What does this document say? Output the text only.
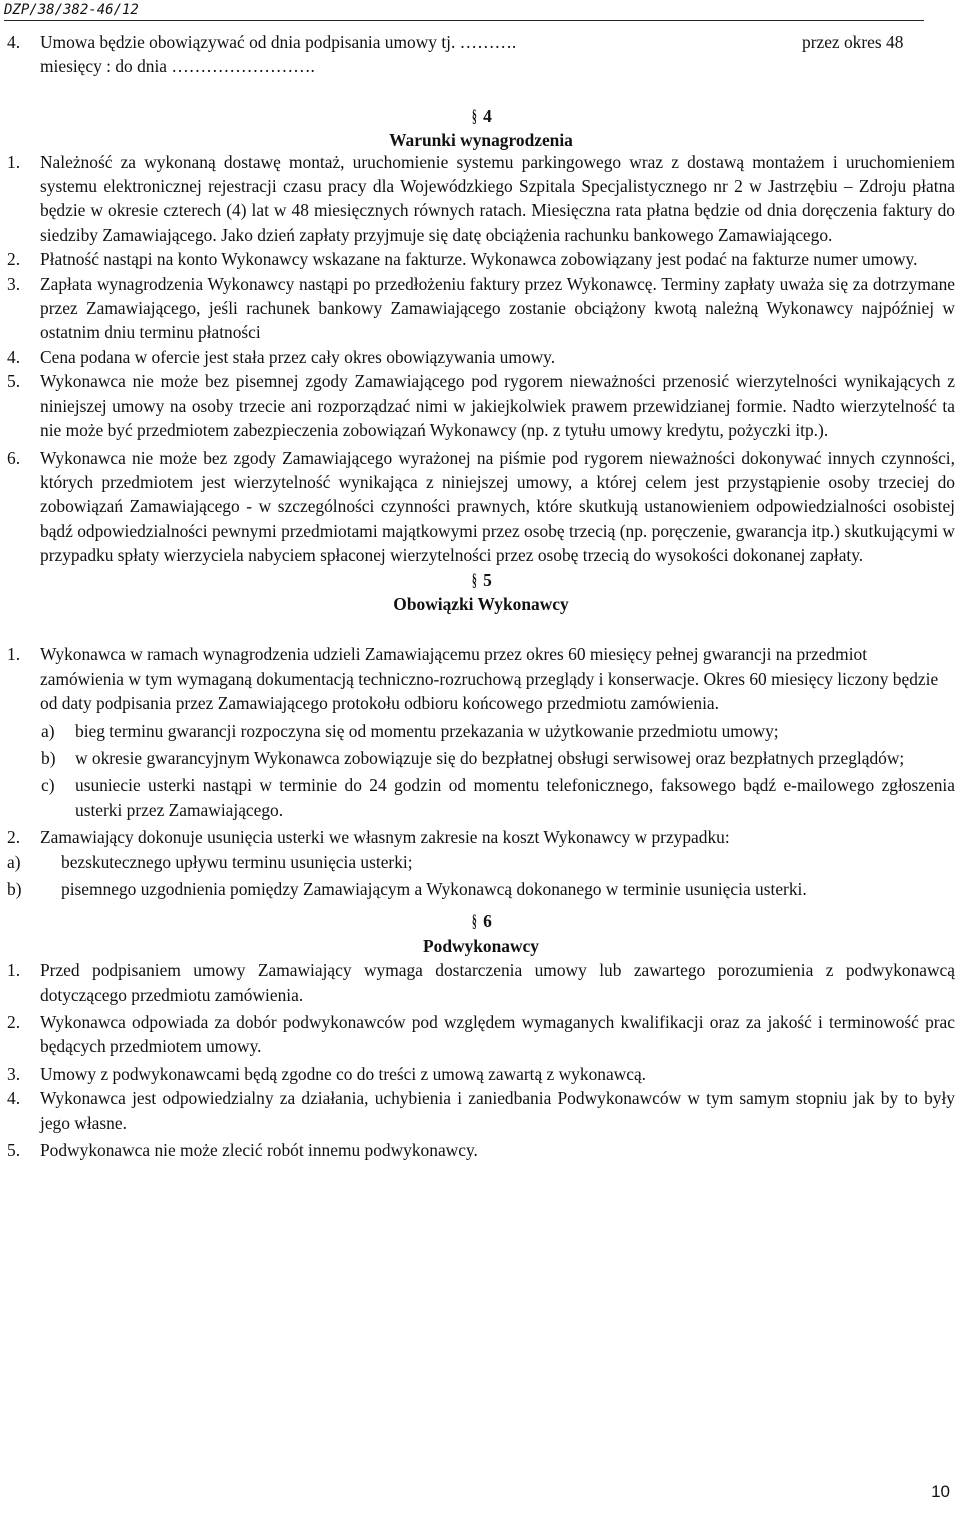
DZP/38/382-46/12
4. Umowa będzie obowiązywać od dnia podpisania umowy tj. ……….	przez okres 48

miesięcy : do dnia …………………….

§ 4

Warunki wynagrodzenia

1. Należność za wykonaną dostawę montaż, uruchomienie systemu parkingowego wraz z dostawą montażem i uruchomieniem systemu elektronicznej rejestracji czasu pracy dla Wojewódzkiego Szpitala Specjalistycznego nr 2 w Jastrzębiu – Zdroju płatna będzie w okresie czterech (4) lat w 48 miesięcznych równych ratach. Miesięczna rata płatna będzie od dnia doręczenia faktury do siedziby Zamawiającego. Jako dzień zapłaty przyjmuje się datę obciążenia rachunku bankowego Zamawiającego.
2. Płatność nastąpi na konto Wykonawcy wskazane na fakturze. Wykonawca zobowiązany jest podać na fakturze numer umowy.
3. Zapłata wynagrodzenia Wykonawcy nastąpi po przedłożeniu faktury przez Wykonawcę. Terminy zapłaty uważa się za dotrzymane przez Zamawiającego, jeśli rachunek bankowy Zamawiającego zostanie obciążony kwotą należną Wykonawcy najpóźniej w ostatnim dniu terminu płatności
4. Cena podana w ofercie jest stała przez cały okres obowiązywania umowy.
5. Wykonawca nie może bez pisemnej zgody Zamawiającego pod rygorem nieważności przenosić wierzytelności wynikających z niniejszej umowy na osoby trzecie ani rozporządzać nimi w jakiejkolwiek prawem przewidzianej formie. Nadto wierzytelność ta nie może być przedmiotem zabezpieczenia zobowiązań Wykonawcy (np. z tytułu umowy kredytu, pożyczki itp.).
6. Wykonawca nie może bez zgody Zamawiającego wyrażonej na piśmie pod rygorem nieważności dokonywać innych czynności, których przedmiotem jest wierzytelność wynikająca z niniejszej umowy, a której celem jest przystąpienie osoby trzeciej do zobowiązań Zamawiającego - w szczególności czynności prawnych, które skutkują ustanowieniem odpowiedzialności osobistej bądź odpowiedzialności pewnymi przedmiotami majątkowymi przez osobę trzecią (np. poręczenie, gwarancja itp.) skutkującymi w przypadku spłaty wierzyciela nabyciem spłaconej wierzytelności przez osobę trzecią do wysokości dokonanej zapłaty.

§ 5

Obowiązki Wykonawcy

1. Wykonawca w ramach wynagrodzenia udzieli Zamawiającemu przez okres 60 miesięcy pełnej gwarancji na przedmiot zamówienia w tym wymaganą dokumentacją techniczno-rozruchową przeglądy i konserwacje. Okres 60 miesięcy liczony będzie od daty podpisania przez Zamawiającego protokołu odbioru końcowego przedmiotu zamówienia.
a) bieg terminu gwarancji rozpoczyna się od momentu przekazania w użytkowanie przedmiotu umowy;
b) w okresie gwarancyjnym Wykonawca zobowiązuje się do bezpłatnej obsługi serwisowej oraz bezpłatnych przeglądów;
c) usuniecie usterki nastąpi w terminie do 24 godzin od momentu telefonicznego, faksowego bądź e-mailowego zgłoszenia usterki przez Zamawiającego.
2. Zamawiający dokonuje usunięcia usterki we własnym zakresie na koszt Wykonawcy w przypadku:
a) bezskutecznego upływu terminu usunięcia usterki;
b) pisemnego uzgodnienia pomiędzy Zamawiającym a Wykonawcą dokonanego w terminie usunięcia usterki.

§ 6

Podwykonawcy

1. Przed podpisaniem umowy Zamawiający wymaga dostarczenia umowy lub zawartego porozumienia z podwykonawcą dotyczącego przedmiotu zamówienia.
2. Wykonawca odpowiada za dobór podwykonawców pod względem wymaganych kwalifikacji oraz za jakość i terminowość prac będących przedmiotem umowy.
3. Umowy z podwykonawcami będą zgodne co do treści z umową zawartą z wykonawcą.
4. Wykonawca jest odpowiedzialny za działania, uchybienia i zaniedbania Podwykonawców w tym samym stopniu jak by to były jego własne.
5. Podwykonawca nie może zlecić robót innemu podwykonawcy.
10
